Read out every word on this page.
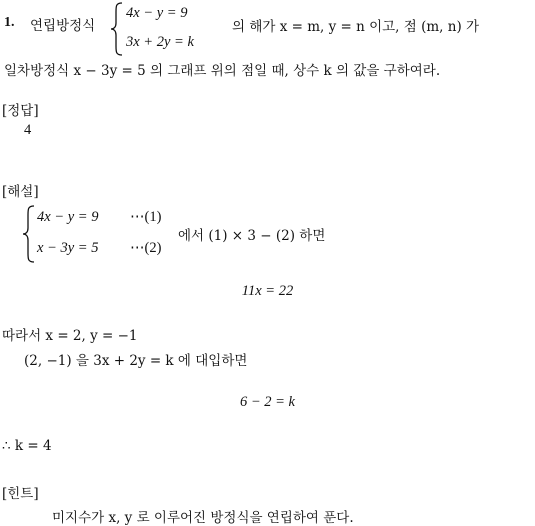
1. 연립방정식
4x − y = 9
3x + 2y = k
의 해가 x = m, y = n 이고, 점 (m, n) 가
일차방정식 x − 3y = 5 의 그래프 위의 점일 때, 상수 k 의 값을 구하여라.
[정답]
4
[해설]
4x − y = 9 ⋯(1)
x − 3y = 5 ⋯(2)
에서 (1) × 3 − (2) 하면
11x = 22
따라서 x = 2, y = −1
(2, −1) 을 3x + 2y = k 에 대입하면
6 − 2 = k
∴ k = 4
[힌트]
미지수가 x, y 로 이루어진 방정식을 연립하여 푼다.
